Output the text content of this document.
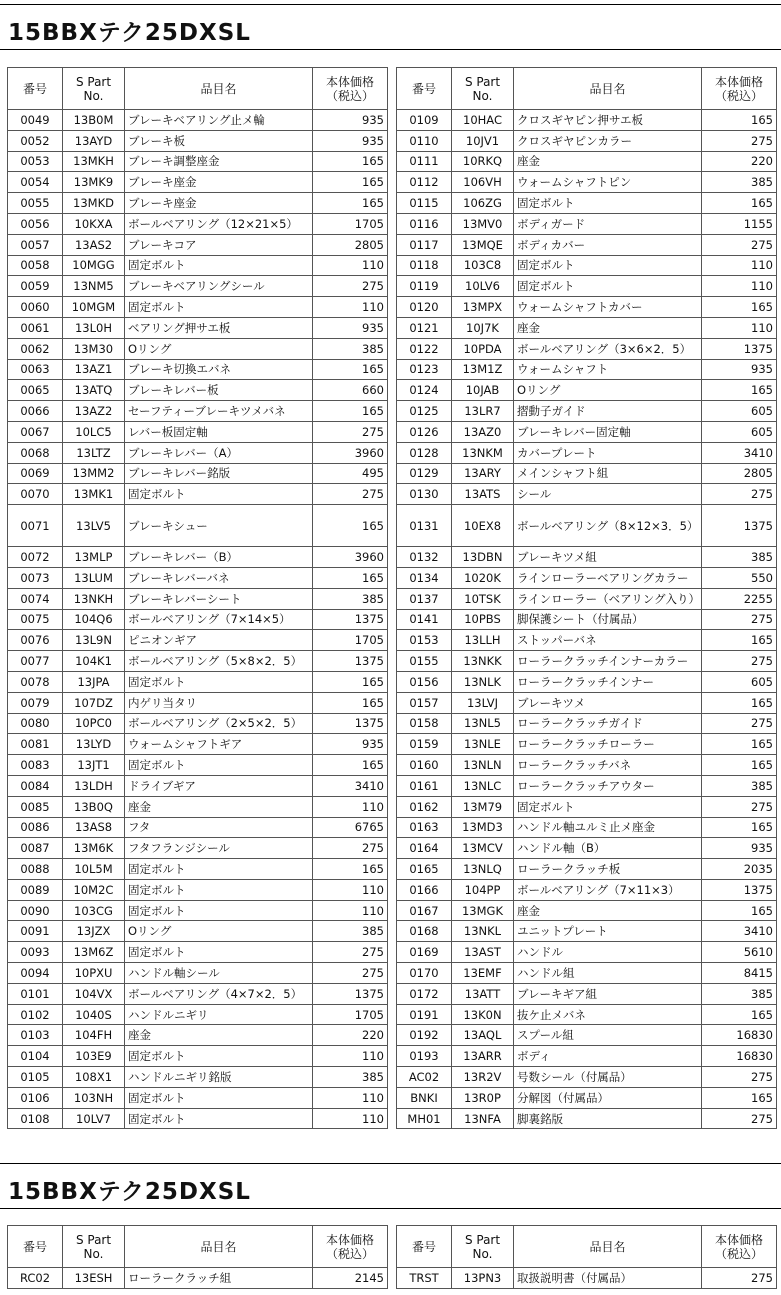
15BBXテク25DXSL
番号	S Part
No.	品目名	本体価格
（税込）
0049	13B0M	ブレーキベアリング止メ輪	935
0052	13AYD	ブレーキ板	935
0053	13MKH	ブレーキ調整座金	165
0054	13MK9	ブレーキ座金	165
0055	13MKD	ブレーキ座金	165
0056	10KXA	ボールベアリング（12×21×5）	1705
0057	13AS2	ブレーキコア	2805
0058	10MGG	固定ボルト	110
0059	13NM5	ブレーキベアリングシール	275
0060	10MGM	固定ボルト	110
0061	13L0H	ベアリング押サエ板	935
0062	13M30	Oリング	385
0063	13AZ1	ブレーキ切換エバネ	165
0065	13ATQ	ブレーキレバー板	660
0066	13AZ2	セーフティーブレーキツメバネ	165
0067	10LC5	レバー板固定軸	275
0068	13LTZ	ブレーキレバー（A）	3960
0069	13MM2	ブレーキレバー銘版	495
0070	13MK1	固定ボルト	275
0071	13LV5	ブレーキシュー	165
0072	13MLP	ブレーキレバー（B）	3960
0073	13LUM	ブレーキレバーバネ	165
0074	13NKH	ブレーキレバーシート	385
0075	104Q6	ボールベアリング（7×14×5）	1375
0076	13L9N	ピニオンギア	1705
0077	104K1	ボールベアリング（5×8×2．5）	1375
0078	13JPA	固定ボルト	165
0079	107DZ	内ゲリ当タリ	165
0080	10PC0	ボールベアリング（2×5×2．5）	1375
0081	13LYD	ウォームシャフトギア	935
0083	13JT1	固定ボルト	165
0084	13LDH	ドライブギア	3410
0085	13B0Q	座金	110
0086	13AS8	フタ	6765
0087	13M6K	フタフランジシール	275
0088	10L5M	固定ボルト	165
0089	10M2C	固定ボルト	110
0090	103CG	固定ボルト	110
0091	13JZX	Oリング	385
0093	13M6Z	固定ボルト	275
0094	10PXU	ハンドル軸シール	275
0101	104VX	ボールベアリング（4×7×2．5）	1375
0102	1040S	ハンドルニギリ	1705
0103	104FH	座金	220
0104	103E9	固定ボルト	110
0105	108X1	ハンドルニギリ銘版	385
0106	103NH	固定ボルト	110
0108	10LV7	固定ボルト	110
番号	S Part
No.	品目名	本体価格
（税込）
0109	10HAC	クロスギヤピン押サエ板	165
0110	10JV1	クロスギヤピンカラー	275
0111	10RKQ	座金	220
0112	106VH	ウォームシャフトピン	385
0115	106ZG	固定ボルト	165
0116	13MV0	ボディガード	1155
0117	13MQE	ボディカバー	275
0118	103C8	固定ボルト	110
0119	10LV6	固定ボルト	110
0120	13MPX	ウォームシャフトカバー	165
0121	10J7K	座金	110
0122	10PDA	ボールベアリング（3×6×2．5）	1375
0123	13M1Z	ウォームシャフト	935
0124	10JAB	Oリング	165
0125	13LR7	摺動子ガイド	605
0126	13AZ0	ブレーキレバー固定軸	605
0128	13NKM	カバープレート	3410
0129	13ARY	メインシャフト組	2805
0130	13ATS	シール	275
0131	10EX8	ボールベアリング（8×12×3．5）	1375
0132	13DBN	ブレーキツメ組	385
0134	1020K	ラインローラーベアリングカラー	550
0137	10TSK	ラインローラー（ベアリング入り）	2255
0141	10PBS	脚保護シート（付属品）	275
0153	13LLH	ストッパーバネ	165
0155	13NKK	ローラークラッチインナーカラー	275
0156	13NLK	ローラークラッチインナー	605
0157	13LVJ	ブレーキツメ	165
0158	13NL5	ローラークラッチガイド	275
0159	13NLE	ローラークラッチローラー	165
0160	13NLN	ローラークラッチバネ	165
0161	13NLC	ローラークラッチアウター	385
0162	13M79	固定ボルト	275
0163	13MD3	ハンドル軸ユルミ止メ座金	165
0164	13MCV	ハンドル軸（B）	935
0165	13NLQ	ローラークラッチ板	2035
0166	104PP	ボールベアリング（7×11×3）	1375
0167	13MGK	座金	165
0168	13NKL	ユニットプレート	3410
0169	13AST	ハンドル	5610
0170	13EMF	ハンドル組	8415
0172	13ATT	ブレーキギア組	385
0191	13K0N	抜ケ止メバネ	165
0192	13AQL	スプール組	16830
0193	13ARR	ボディ	16830
AC02	13R2V	号数シール（付属品）	275
BNKI	13R0P	分解図（付属品）	165
MH01	13NFA	脚裏銘版	275
15BBXテク25DXSL
番号	S Part
No.	品目名	本体価格
（税込）
RC02	13ESH	ローラークラッチ組	2145
番号	S Part
No.	品目名	本体価格
（税込）
TRST	13PN3	取扱説明書（付属品）	275
